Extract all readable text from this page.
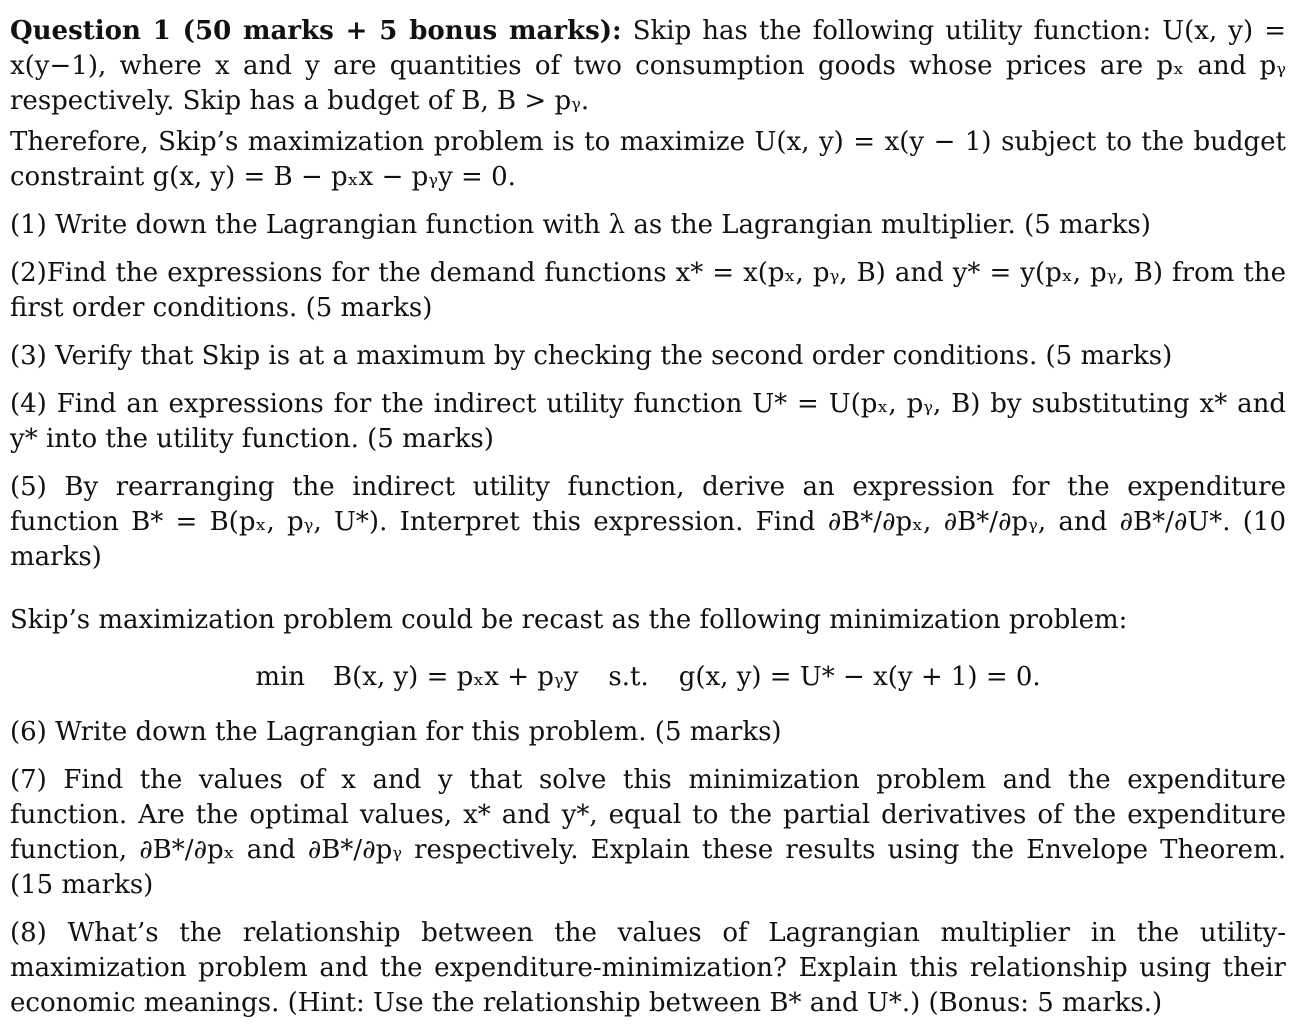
Question 1 (50 marks + 5 bonus marks): Skip has the following utility function: U(x, y) = x(y−1), where x and y are quantities of two consumption goods whose prices are pₓ and pᵧ respectively. Skip has a budget of B, B > pᵧ.

Therefore, Skip’s maximization problem is to maximize U(x, y) = x(y − 1) subject to the budget constraint g(x, y) = B − pₓx − pᵧy = 0.

(1) Write down the Lagrangian function with λ as the Lagrangian multiplier. (5 marks)

(2)Find the expressions for the demand functions x* = x(pₓ, pᵧ, B) and y* = y(pₓ, pᵧ, B) from the first order conditions. (5 marks)

(3) Verify that Skip is at a maximum by checking the second order conditions. (5 marks)

(4) Find an expressions for the indirect utility function U* = U(pₓ, pᵧ, B) by substituting x* and y* into the utility function. (5 marks)

(5) By rearranging the indirect utility function, derive an expression for the expenditure function B* = B(pₓ, pᵧ, U*). Interpret this expression. Find ∂B*/∂pₓ, ∂B*/∂pᵧ, and ∂B*/∂U*. (10 marks)

Skip’s maximization problem could be recast as the following minimization problem:

min B(x, y) = pₓx + pᵧy s.t. g(x, y) = U* − x(y + 1) = 0.

(6) Write down the Lagrangian for this problem. (5 marks)

(7) Find the values of x and y that solve this minimization problem and the expenditure function. Are the optimal values, x* and y*, equal to the partial derivatives of the expenditure function, ∂B*/∂pₓ and ∂B*/∂pᵧ respectively. Explain these results using the Envelope Theorem. (15 marks)

(8) What’s the relationship between the values of Lagrangian multiplier in the utility-maximization problem and the expenditure-minimization? Explain this relationship using their economic meanings. (Hint: Use the relationship between B* and U*.) (Bonus: 5 marks.)
